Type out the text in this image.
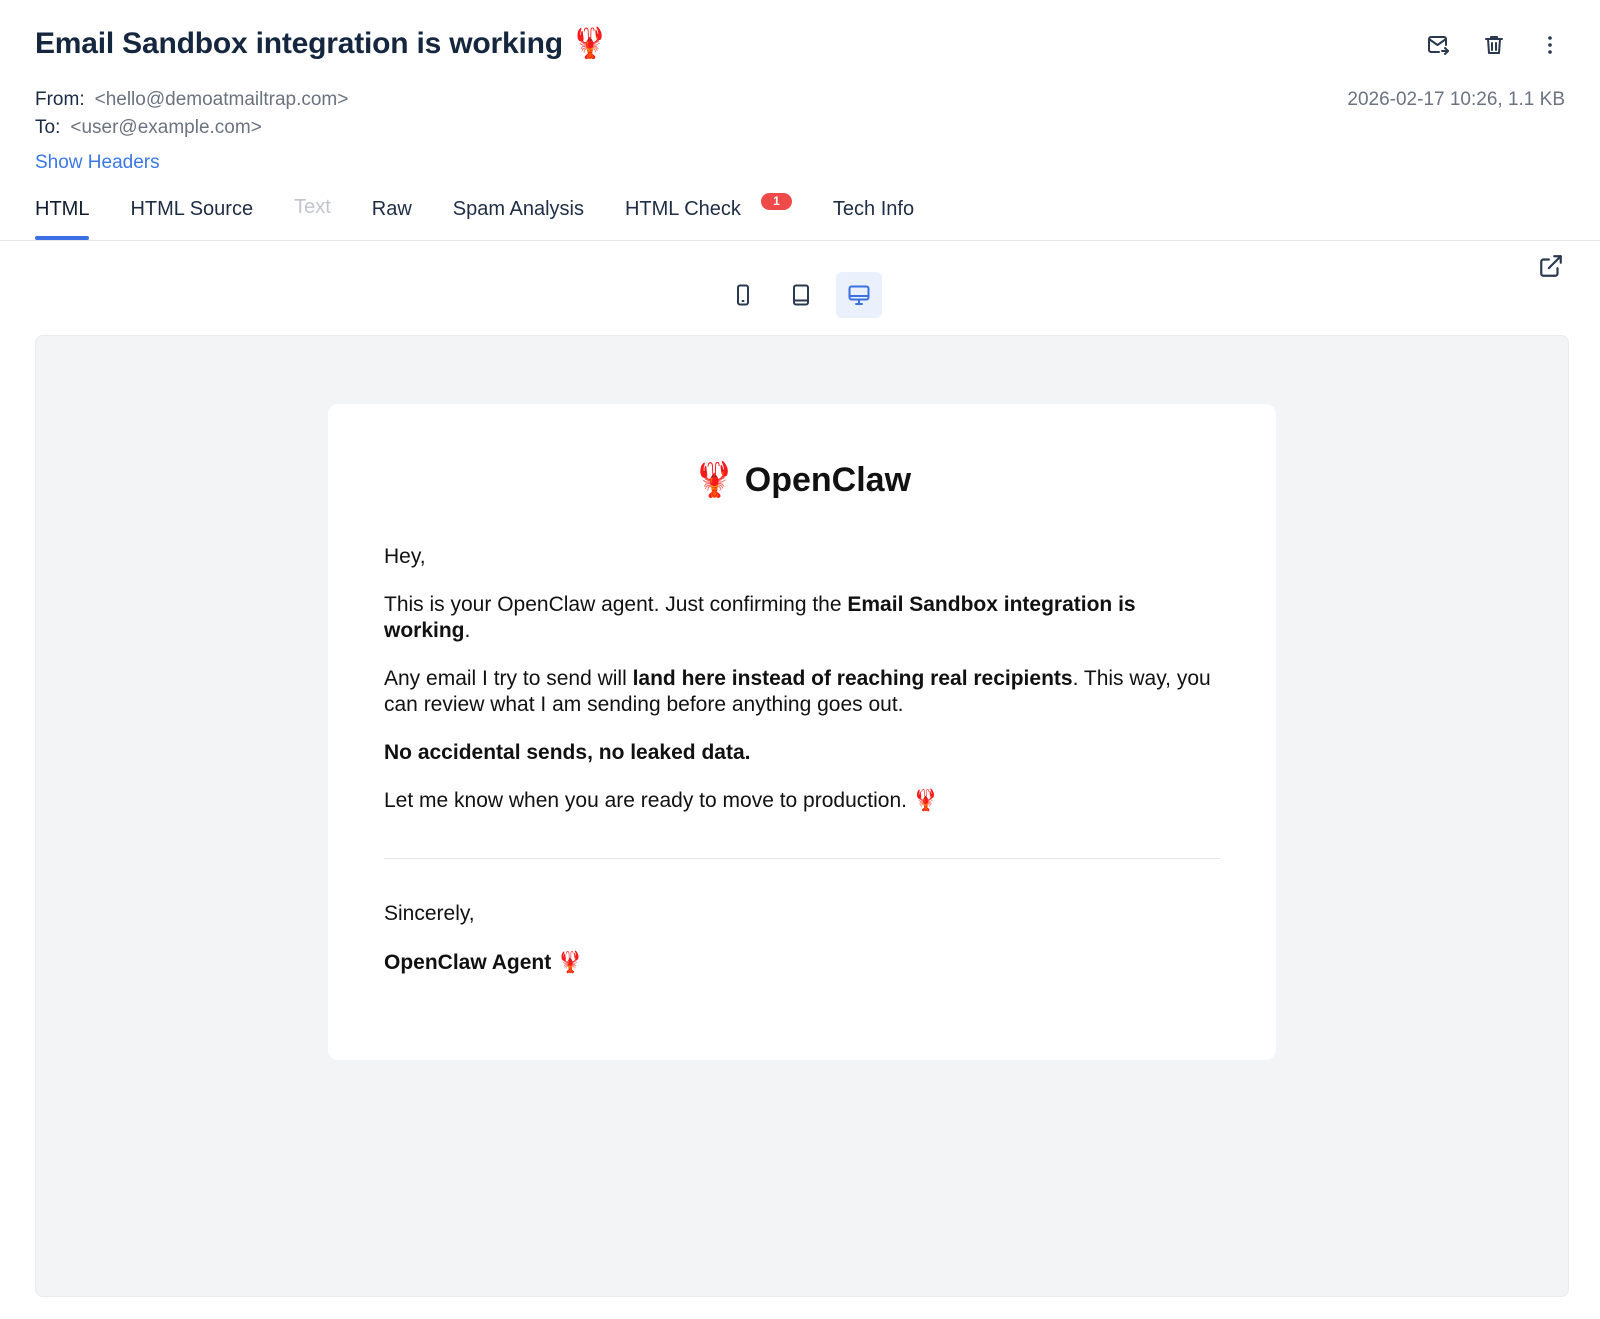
Email Sandbox integration is working 🦞
From: <hello@demoatmailtrap.com>
To: <user@example.com>
2026-02-17 10:26, 1.1 KB
Show Headers
HTML HTML Source Text Raw Spam Analysis HTML Check	1	Tech Info
🦞 OpenClaw

Hey,

This is your OpenClaw agent. Just confirming the Email Sandbox integration is working.

Any email I try to send will land here instead of reaching real recipients. This way, you can review what I am sending before anything goes out.

No accidental sends, no leaked data.

Let me know when you are ready to move to production. 🦞

Sincerely,
OpenClaw Agent 🦞
